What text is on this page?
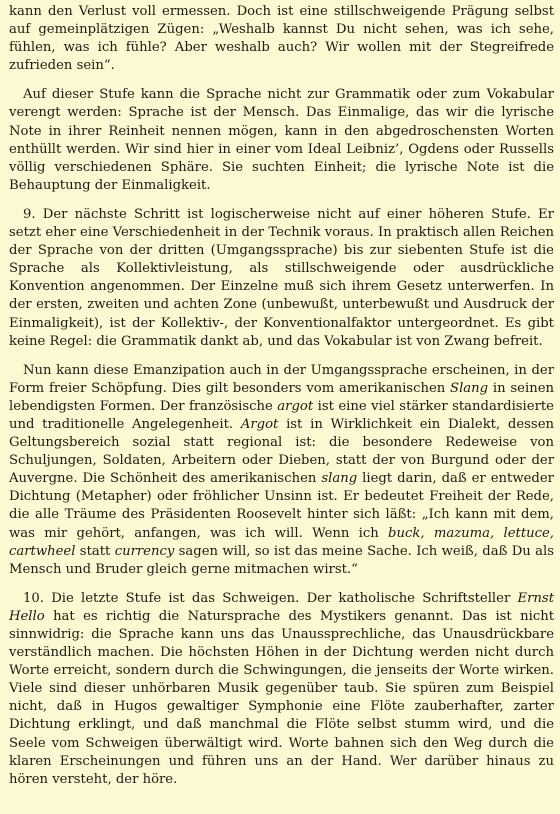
kann den Verlust voll ermessen. Doch ist eine stillschweigende Prägung selbst auf gemeinplätzigen Zügen: „Weshalb kannst Du nicht sehen, was ich sehe, fühlen, was ich fühle? Aber weshalb auch? Wir wollen mit der Stegreifrede zufrieden sein“.

Auf dieser Stufe kann die Sprache nicht zur Grammatik oder zum Vokabular verengt werden: Sprache ist der Mensch. Das Einmalige, das wir die lyrische Note in ihrer Reinheit nennen mögen, kann in den abgedroschensten Worten enthüllt werden. Wir sind hier in einer vom Ideal Leibniz’, Ogdens oder Russells völlig verschiedenen Sphäre. Sie suchten Einheit; die lyrische Note ist die Behauptung der Einmaligkeit.

9. Der nächste Schritt ist logischerweise nicht auf einer höheren Stufe. Er setzt eher eine Verschiedenheit in der Technik voraus. In praktisch allen Reichen der Sprache von der dritten (Umgangssprache) bis zur siebenten Stufe ist die Sprache als Kollektivleistung, als stillschweigende oder ausdrückliche Konvention angenommen. Der Einzelne muß sich ihrem Gesetz unterwerfen. In der ersten, zweiten und achten Zone (unbewußt, unterbewußt und Ausdruck der Einmaligkeit), ist der Kollektiv-, der Konventionalfaktor untergeordnet. Es gibt keine Regel: die Grammatik dankt ab, und das Vokabular ist von Zwang befreit.

Nun kann diese Emanzipation auch in der Umgangssprache erscheinen, in der Form freier Schöpfung. Dies gilt besonders vom amerikanischen Slang in seinen lebendigsten Formen. Der französische argot ist eine viel stärker standardisierte und traditionelle Angelegenheit. Argot ist in Wirklichkeit ein Dialekt, dessen Geltungsbereich sozial statt regional ist: die besondere Redeweise von Schuljungen, Soldaten, Arbeitern oder Dieben, statt der von Burgund oder der Auvergne. Die Schönheit des amerikanischen slang liegt darin, daß er entweder Dichtung (Metapher) oder fröhlicher Unsinn ist. Er bedeutet Freiheit der Rede, die alle Träume des Präsidenten Roosevelt hinter sich läßt: „Ich kann mit dem, was mir gehört, anfangen, was ich will. Wenn ich buck, mazuma, lettuce, cartwheel statt currency sagen will, so ist das meine Sache. Ich weiß, daß Du als Mensch und Bruder gleich gerne mitmachen wirst.“

10. Die letzte Stufe ist das Schweigen. Der katholische Schriftsteller Ernst Hello hat es richtig die Natursprache des Mystikers genannt. Das ist nicht sinnwidrig: die Sprache kann uns das Unaussprechliche, das Unausdrückbare verständlich machen. Die höchsten Höhen in der Dichtung werden nicht durch Worte erreicht, sondern durch die Schwingungen, die jenseits der Worte wirken. Viele sind dieser unhörbaren Musik gegenüber taub. Sie spüren zum Beispiel nicht, daß in Hugos gewaltiger Symphonie eine Flöte zauberhafter, zarter Dichtung erklingt, und daß manchmal die Flöte selbst stumm wird, und die Seele vom Schweigen überwältigt wird. Worte bahnen sich den Weg durch die klaren Erscheinungen und führen uns an der Hand. Wer darüber hinaus zu hören versteht, der höre.
